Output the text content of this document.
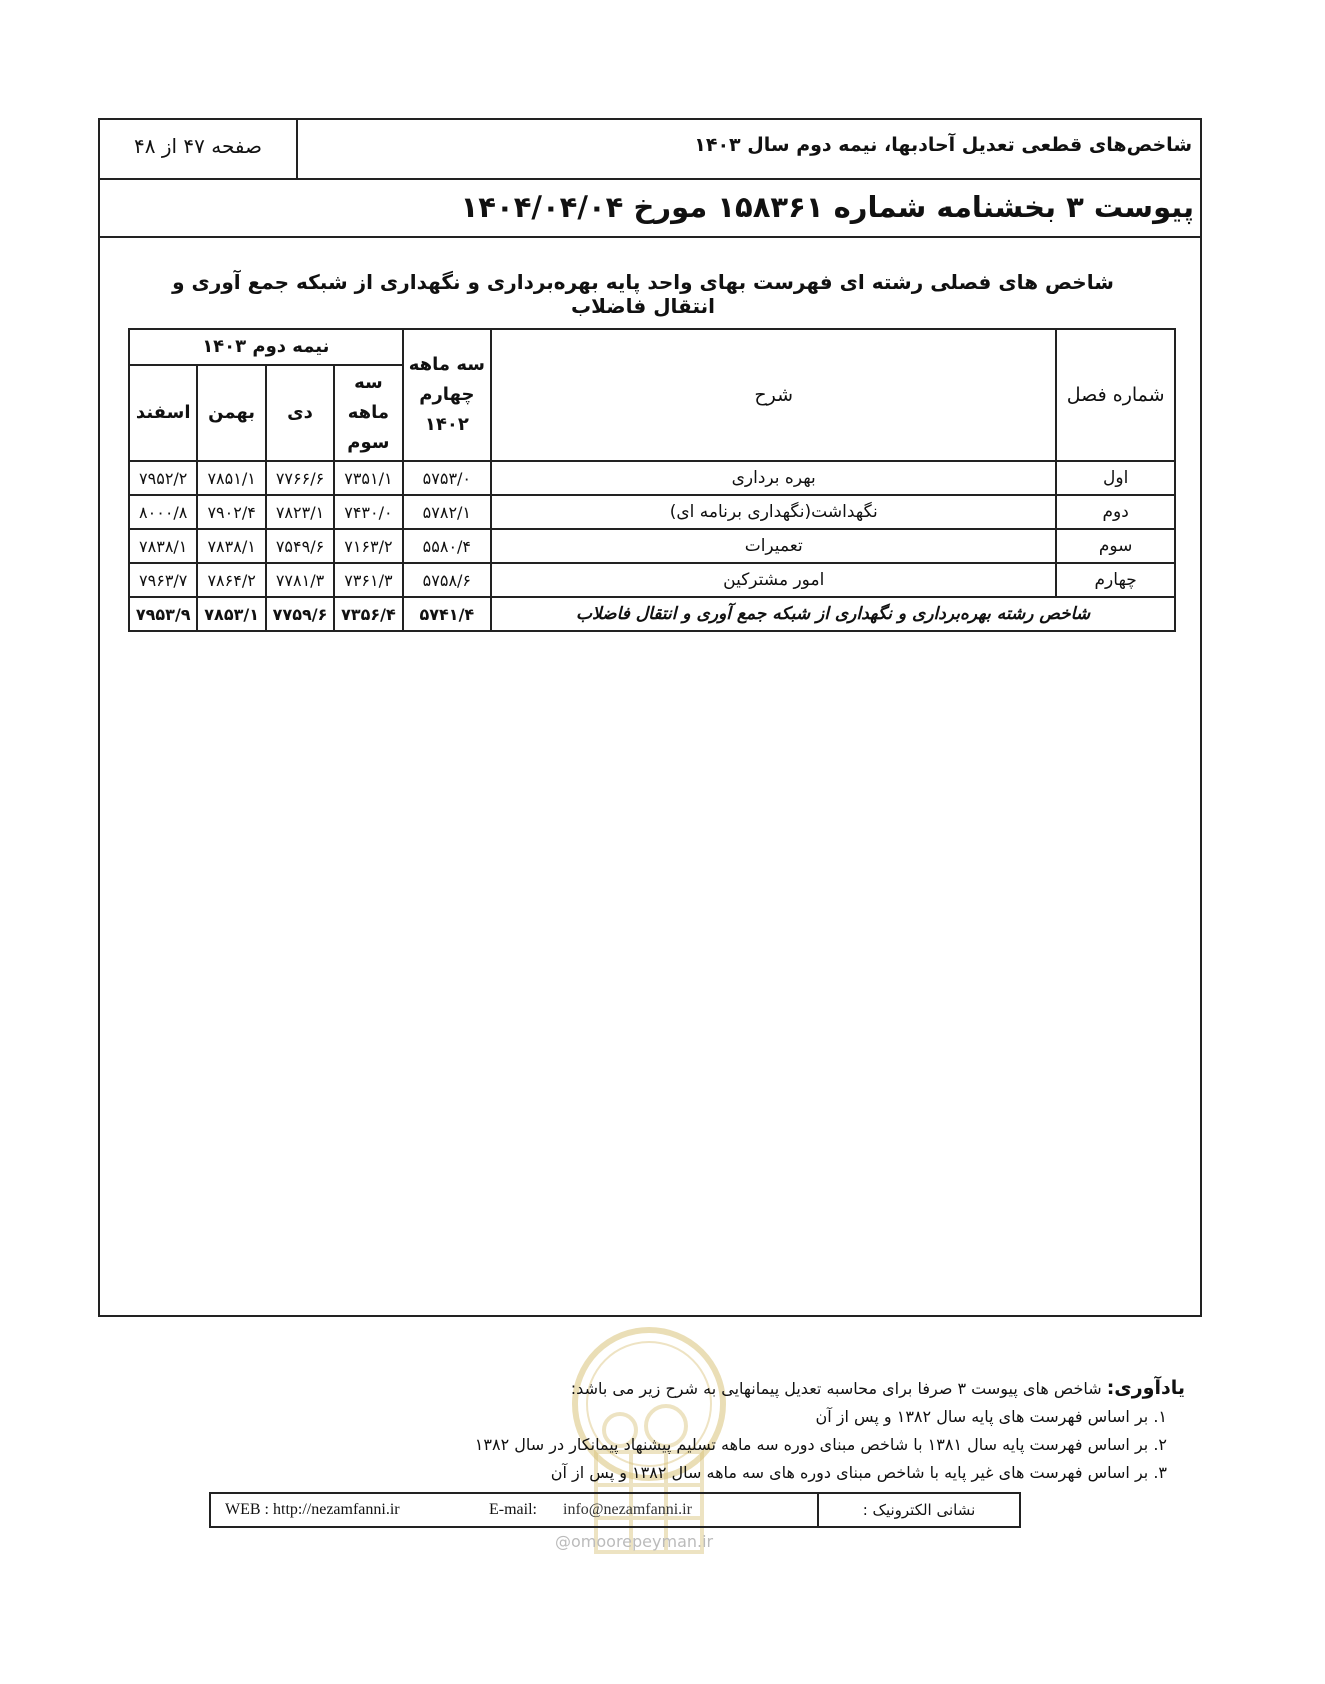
شاخص‌های قطعی تعدیل آحادبها، نیمه دوم سال ۱۴۰۳
صفحه ۴۷ از ۴۸
پیوست ۳ بخشنامه شماره ۱۵۸۳۶۱ مورخ ۱۴۰۴/۰۴/۰۴
شاخص های فصلی رشته ای فهرست بهای واحد پایه بهره‌برداری و نگهداری از شبکه جمع آوری و انتقال فاضلاب
شماره فصل	شرح	سه ماهه چهارم ۱۴۰۲	نیمه دوم ۱۴۰۳			
			سه ماهه سوم	دی	بهمن	اسفند
اول	بهره برداری	۵۷۵۳/۰	۷۳۵۱/۱	۷۷۶۶/۶	۷۸۵۱/۱	۷۹۵۲/۲
دوم	نگهداشت(نگهداری برنامه ای)	۵۷۸۲/۱	۷۴۳۰/۰	۷۸۲۳/۱	۷۹۰۲/۴	۸۰۰۰/۸
سوم	تعمیرات	۵۵۸۰/۴	۷۱۶۳/۲	۷۵۴۹/۶	۷۸۳۸/۱	۷۸۳۸/۱
چهارم	امور مشترکین	۵۷۵۸/۶	۷۳۶۱/۳	۷۷۸۱/۳	۷۸۶۴/۲	۷۹۶۳/۷
شاخص رشته بهره‌برداری و نگهداری از شبکه جمع آوری و انتقال فاضلاب		۵۷۴۱/۴	۷۳۵۶/۴	۷۷۵۹/۶	۷۸۵۳/۱	۷۹۵۳/۹
یادآوری: شاخص های پیوست ۳ صرفا برای محاسبه تعدیل پیمانهایی به شرح زیر می باشد:
۱. بر اساس فهرست های پایه سال ۱۳۸۲ و پس از آن
۲. بر اساس فهرست پایه سال ۱۳۸۱ با شاخص مبنای دوره سه ماهه تسلیم پیشنهاد پیمانکار در سال ۱۳۸۲
۳. بر اساس فهرست های غیر پایه با شاخص مبنای دوره های سه ماهه سال ۱۳۸۲ و پس از آن
WEB : http://nezamfanni.ir	E-mail: info@nezamfanni.ir	نشانی الکترونیک :
@omoorepeyman.ir
